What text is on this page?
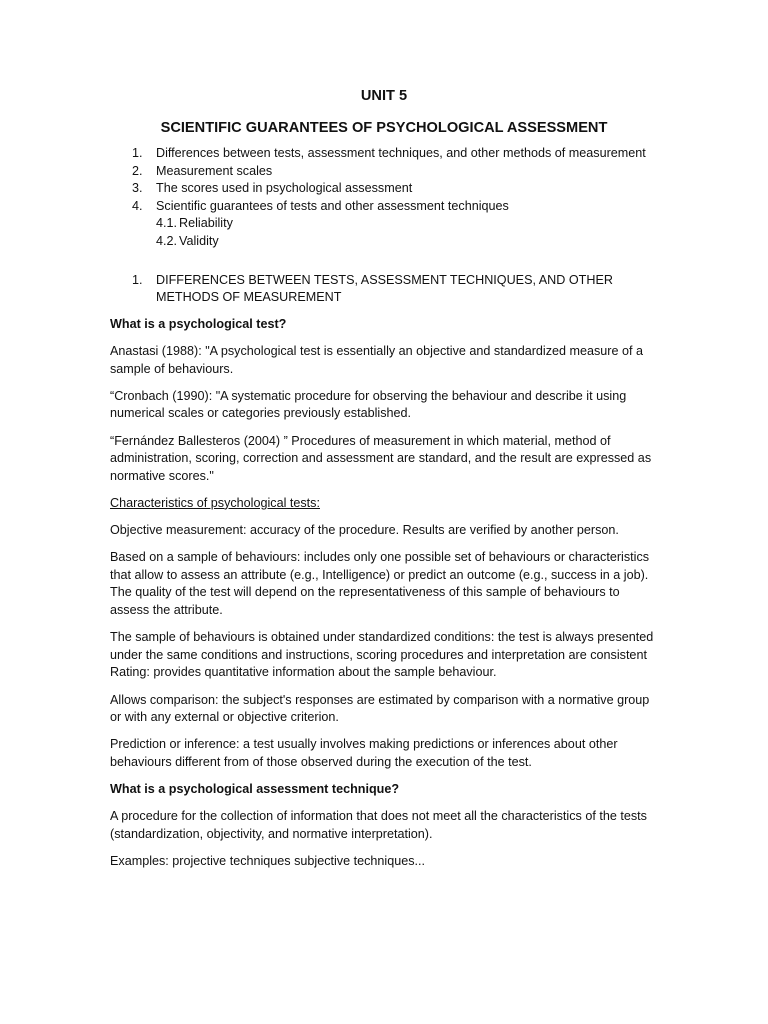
UNIT 5
SCIENTIFIC GUARANTEES OF PSYCHOLOGICAL ASSESSMENT
1. Differences between tests, assessment techniques, and other methods of measurement
2. Measurement scales
3. The scores used in psychological assessment
4. Scientific guarantees of tests and other assessment techniques
4.1. Reliability
4.2. Validity
1. DIFFERENCES BETWEEN TESTS, ASSESSMENT TECHNIQUES, AND OTHER METHODS OF MEASUREMENT

What is a psychological test?

Anastasi (1988): "A psychological test is essentially an objective and standardized measure of a sample of behaviours.

“Cronbach (1990): "A systematic procedure for observing the behaviour and describe it using numerical scales or categories previously established.

“Fernández Ballesteros (2004) ” Procedures of measurement in which material, method of administration, scoring, correction and assessment are standard, and the result are expressed as normative scores."

Characteristics of psychological tests:

Objective measurement: accuracy of the procedure. Results are verified by another person.

Based on a sample of behaviours: includes only one possible set of behaviours or characteristics that allow to assess an attribute (e.g., Intelligence) or predict an outcome (e.g., success in a job). The quality of the test will depend on the representativeness of this sample of behaviours to assess the attribute.

The sample of behaviours is obtained under standardized conditions: the test is always presented under the same conditions and instructions, scoring procedures and interpretation are consistent Rating: provides quantitative information about the sample behaviour.

Allows comparison: the subject's responses are estimated by comparison with a normative group or with any external or objective criterion.

Prediction or inference: a test usually involves making predictions or inferences about other behaviours different from of those observed during the execution of the test.

What is a psychological assessment technique?

A procedure for the collection of information that does not meet all the characteristics of the tests (standardization, objectivity, and normative interpretation).

Examples: projective techniques subjective techniques...
